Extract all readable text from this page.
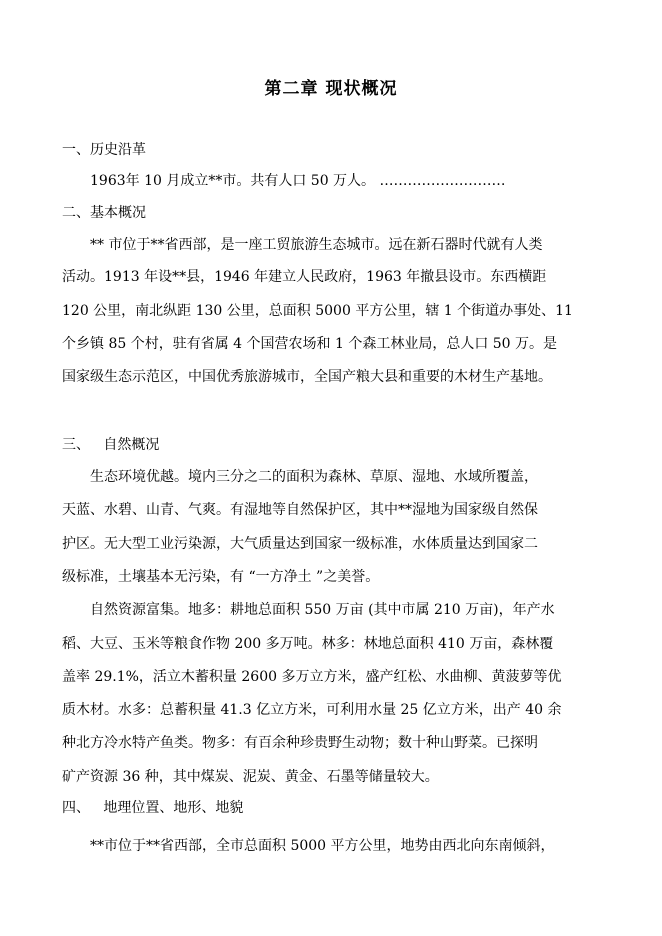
第二章 现状概况
一、历史沿革
1963年 10 月成立**市。共有人口 50 万人。 ………………………
二、基本概况
** 市位于**省西部，是一座工贸旅游生态城市。远在新石器时代就有人类
活动。1913 年设**县，1946 年建立人民政府，1963 年撤县设市。东西横距
120 公里，南北纵距 130 公里，总面积 5000 平方公里，辖 1 个街道办事处、11
个乡镇 85 个村，驻有省属 4 个国营农场和 1 个森工林业局，总人口 50 万。是
国家级生态示范区，中国优秀旅游城市，全国产粮大县和重要的木材生产基地。
三、   自然概况
生态环境优越。境内三分之二的面积为森林、草原、湿地、水域所覆盖，
天蓝、水碧、山青、气爽。有湿地等自然保护区，其中**湿地为国家级自然保
护区。无大型工业污染源，大气质量达到国家一级标准，水体质量达到国家二
级标准，土壤基本无污染，有 “一方净土 ”之美誉。
自然资源富集。地多：耕地总面积 550 万亩 (其中市属 210 万亩)，年产水
稻、大豆、玉米等粮食作物 200 多万吨。林多：林地总面积 410 万亩，森林覆
盖率 29.1%，活立木蓄积量 2600 多万立方米，盛产红松、水曲柳、黄菠萝等优
质木材。水多：总蓄积量 41.3 亿立方米，可利用水量 25 亿立方米，出产 40 余
种北方冷水特产鱼类。物多：有百余种珍贵野生动物；数十种山野菜。已探明
矿产资源 36 种，其中煤炭、泥炭、黄金、石墨等储量较大。
四、   地理位置、地形、地貌
**市位于**省西部，全市总面积 5000 平方公里，地势由西北向东南倾斜，
